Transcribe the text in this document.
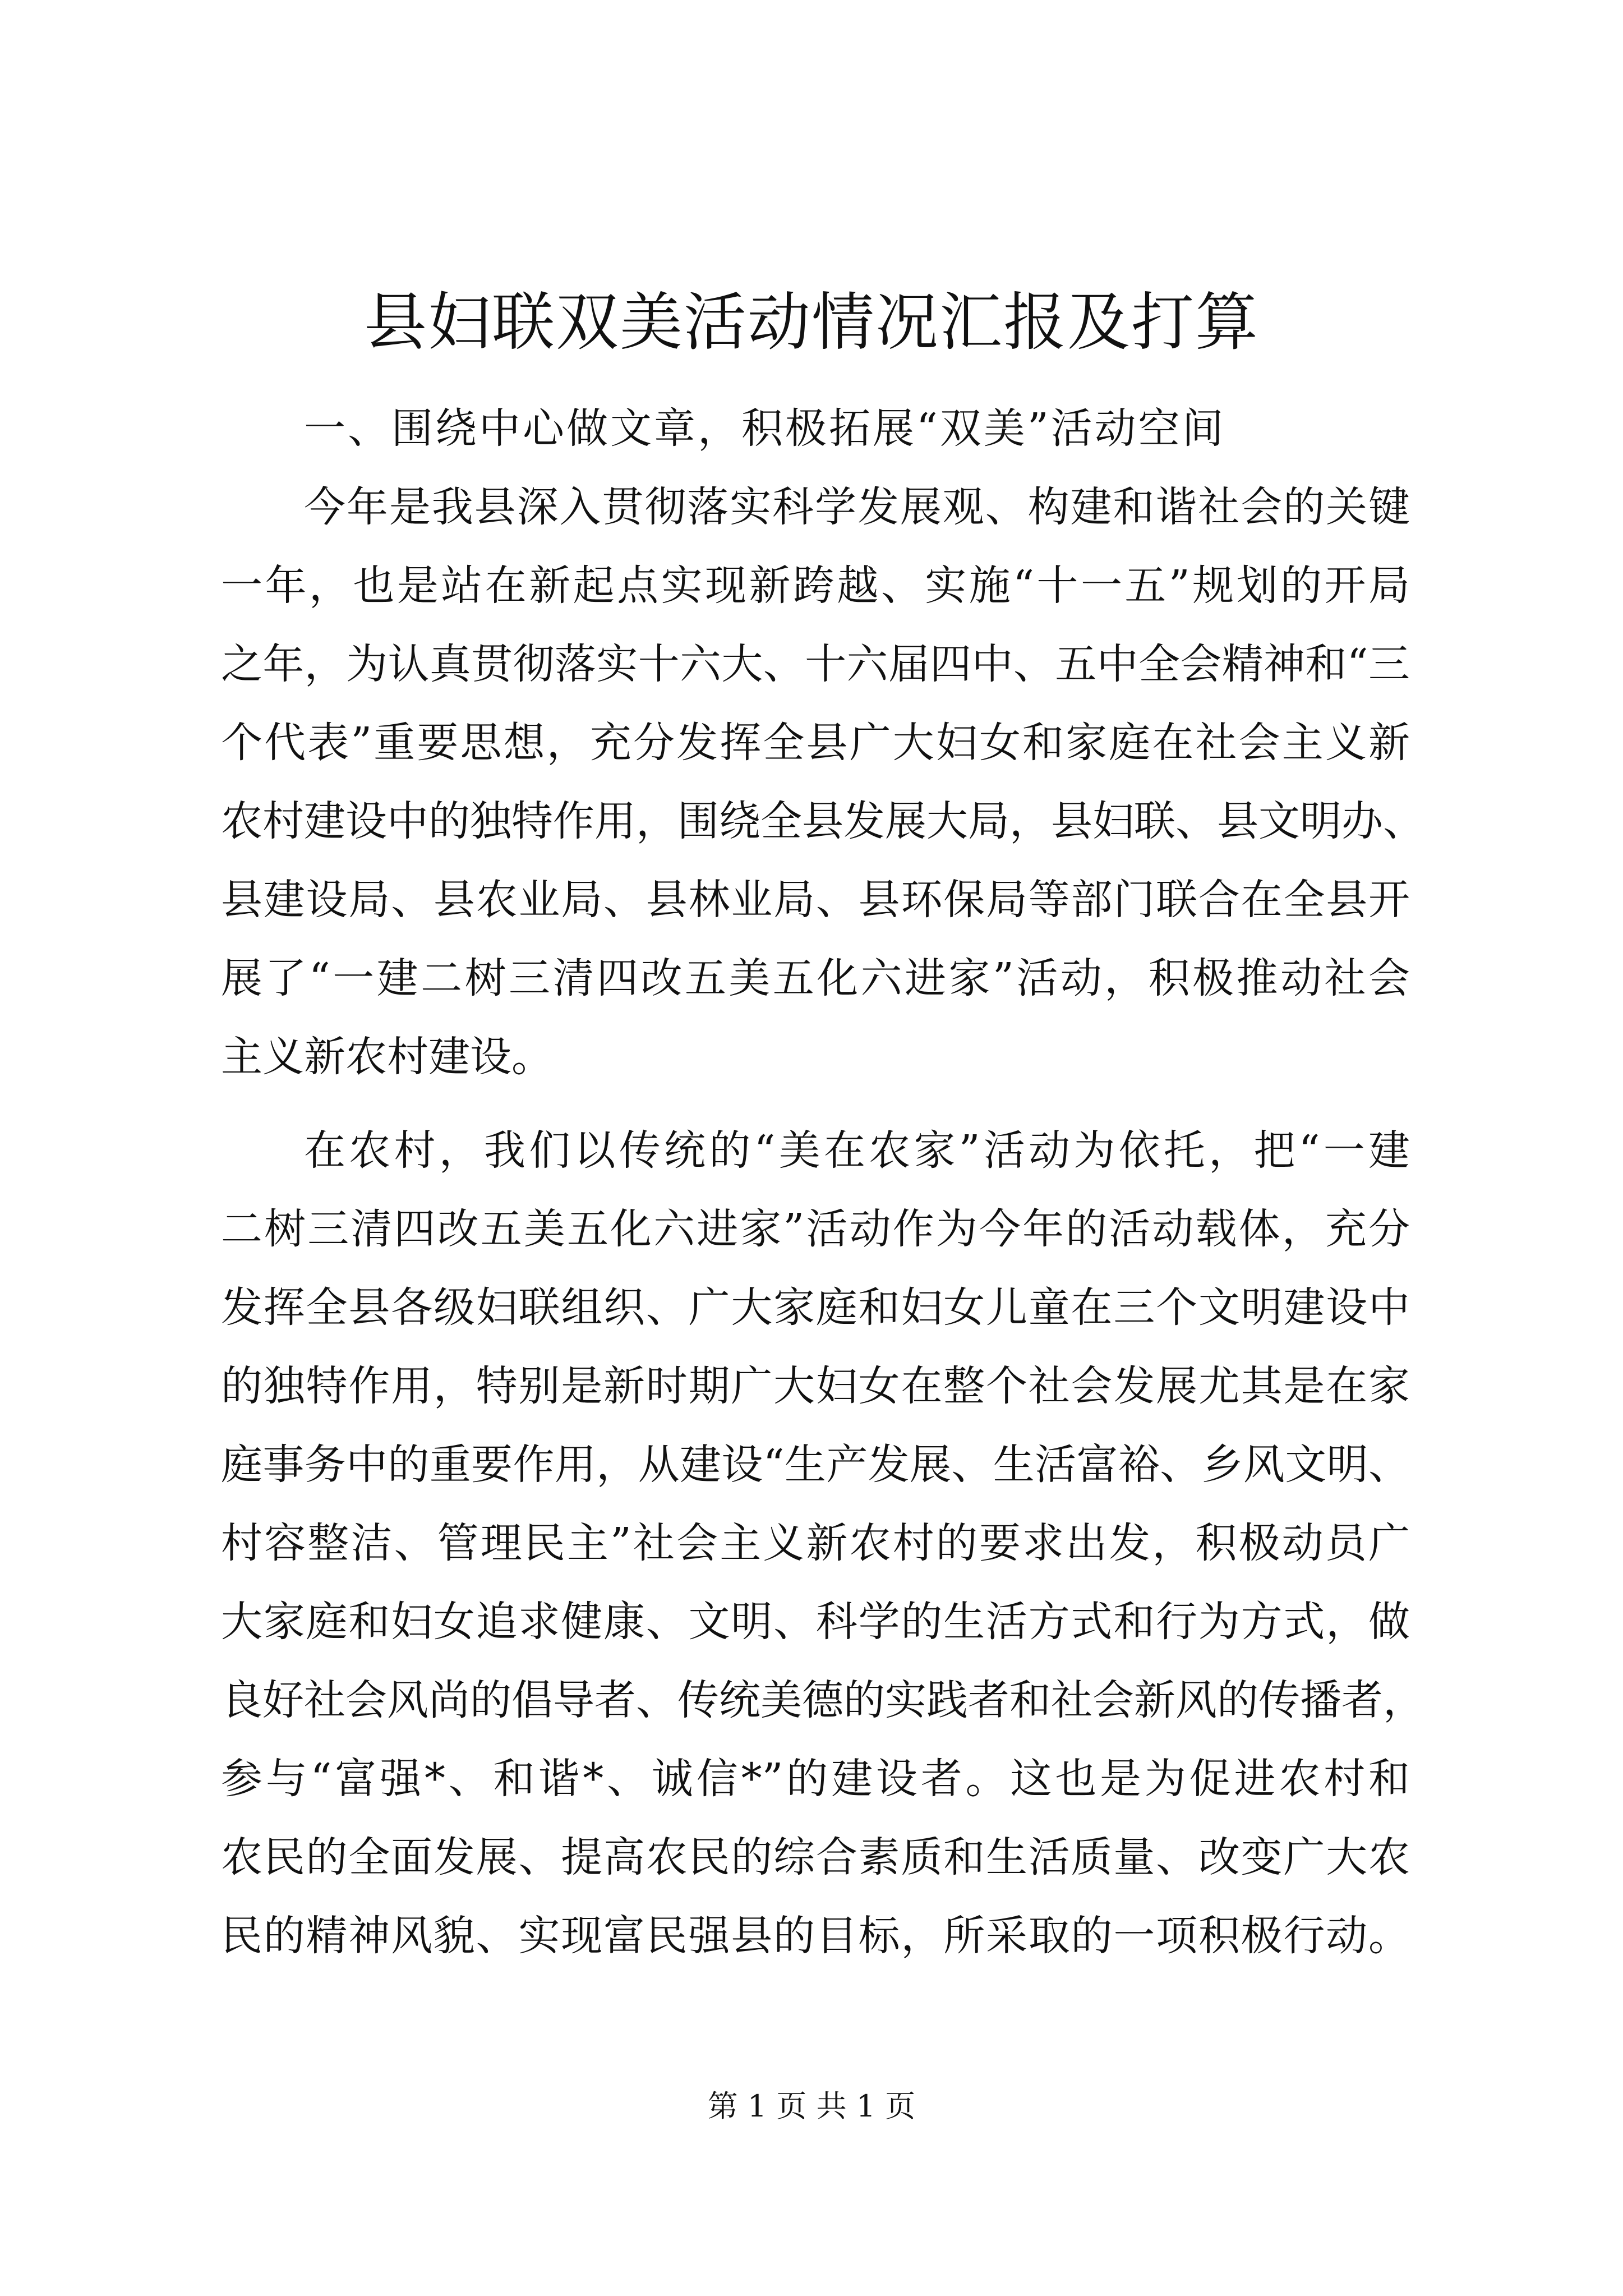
县妇联双美活动情况汇报及打算
一、围绕中心做文章，积极拓展“双美”活动空间
今年是我县深入贯彻落实科学发展观、构建和谐社会的关键
一年，也是站在新起点实现新跨越、实施“十一五”规划的开局
之年，为认真贯彻落实十六大、十六届四中、五中全会精神和“三
个代表”重要思想，充分发挥全县广大妇女和家庭在社会主义新
农村建设中的独特作用，围绕全县发展大局，县妇联、县文明办、
县建设局、县农业局、县林业局、县环保局等部门联合在全县开
展了“一建二树三清四改五美五化六进家”活动，积极推动社会
主义新农村建设。
在农村，我们以传统的“美在农家”活动为依托，把“一建
二树三清四改五美五化六进家”活动作为今年的活动载体，充分
发挥全县各级妇联组织、广大家庭和妇女儿童在三个文明建设中
的独特作用，特别是新时期广大妇女在整个社会发展尤其是在家
庭事务中的重要作用，从建设“生产发展、生活富裕、乡风文明、
村容整洁、管理民主”社会主义新农村的要求出发，积极动员广
大家庭和妇女追求健康、文明、科学的生活方式和行为方式，做
良好社会风尚的倡导者、传统美德的实践者和社会新风的传播者，
参与“富强*、和谐*、诚信*”的建设者。这也是为促进农村和
农民的全面发展、提高农民的综合素质和生活质量、改变广大农
民的精神风貌、实现富民强县的目标，所采取的一项积极行动。
第 1 页 共 1 页
